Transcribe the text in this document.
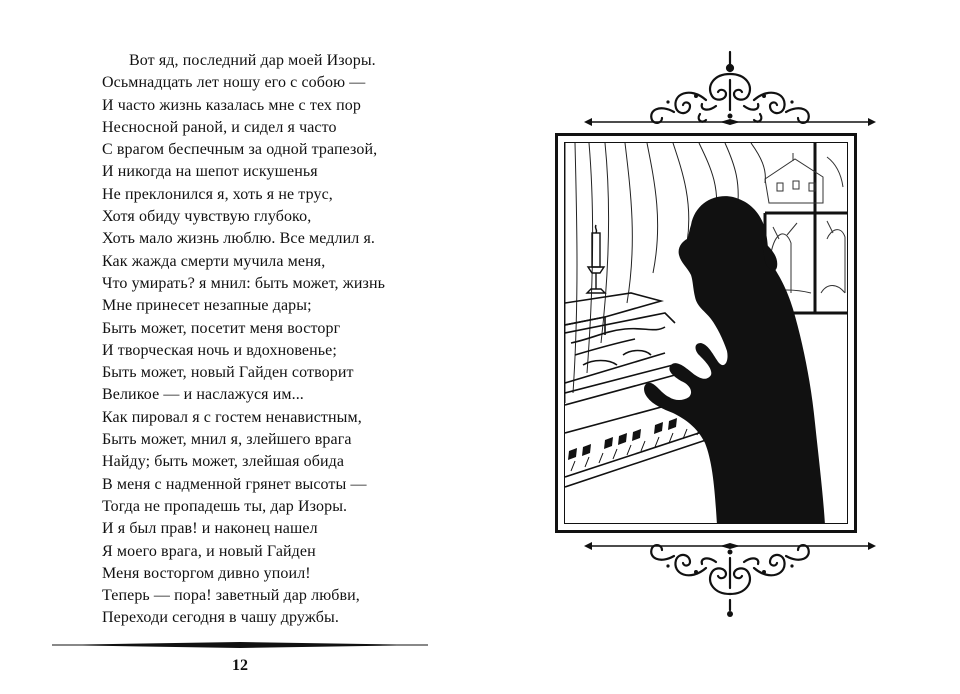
Вот яд, последний дар моей Изоры.
Осьмнадцать лет ношу его с собою —
И часто жизнь казалась мне с тех пор
Несносной раной, и сидел я часто
С врагом беспечным за одной трапезой,
И никогда на шепот искушенья
Не преклонился я, хоть я не трус,
Хотя обиду чувствую глубоко,
Хоть мало жизнь люблю. Все медлил я.
Как жажда смерти мучила меня,
Что умирать? я мнил: быть может, жизнь
Мне принесет незапные дары;
Быть может, посетит меня восторг
И творческая ночь и вдохновенье;
Быть может, новый Гайден сотворит
Великое — и наслажуся им...
Как пировал я с гостем ненавистным,
Быть может, мнил я, злейшего врага
Найду; быть может, злейшая обида
В меня с надменной грянет высоты —
Тогда не пропадешь ты, дар Изоры.
И я был прав! и наконец нашел
Я моего врага, и новый Гайден
Меня восторгом дивно упоил!
Теперь — пора! заветный дар любви,
Переходи сегодня в чашу дружбы.
12
